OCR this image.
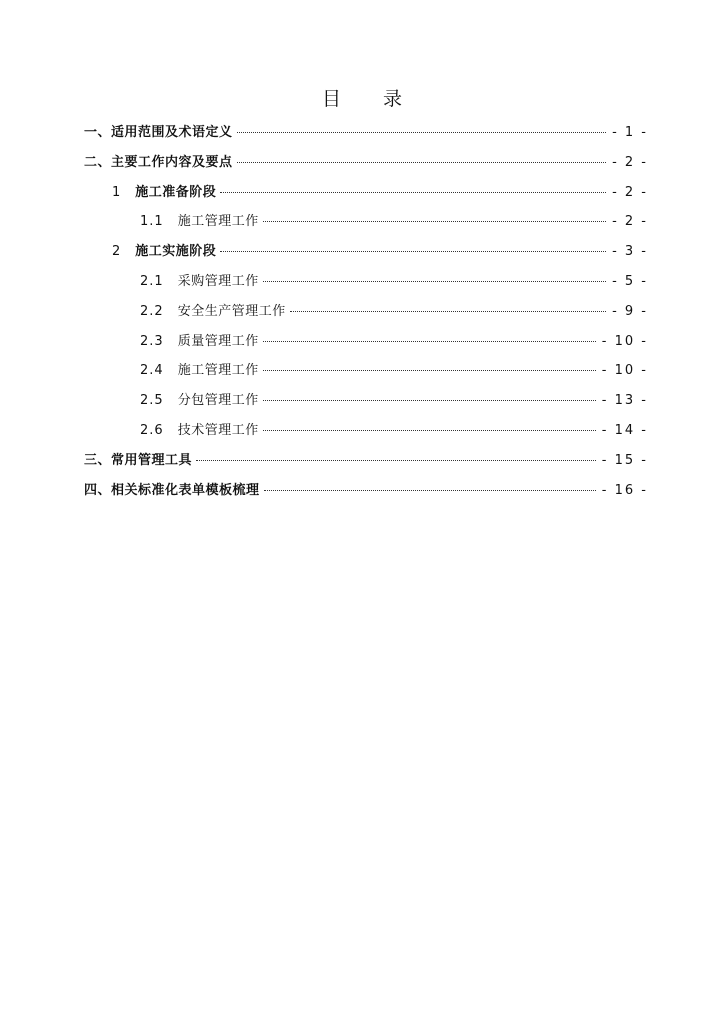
目 录
一、适用范围及术语定义	- 1 -
二、主要工作内容及要点	- 2 -
1 施工准备阶段	- 2 -
1.1 施工管理工作	- 2 -
2 施工实施阶段	- 3 -
2.1 采购管理工作	- 5 -
2.2 安全生产管理工作	- 9 -
2.3 质量管理工作	- 10 -
2.4 施工管理工作	- 10 -
2.5 分包管理工作	- 13 -
2.6 技术管理工作	- 14 -
三、常用管理工具	- 15 -
四、相关标准化表单模板梳理	- 16 -
